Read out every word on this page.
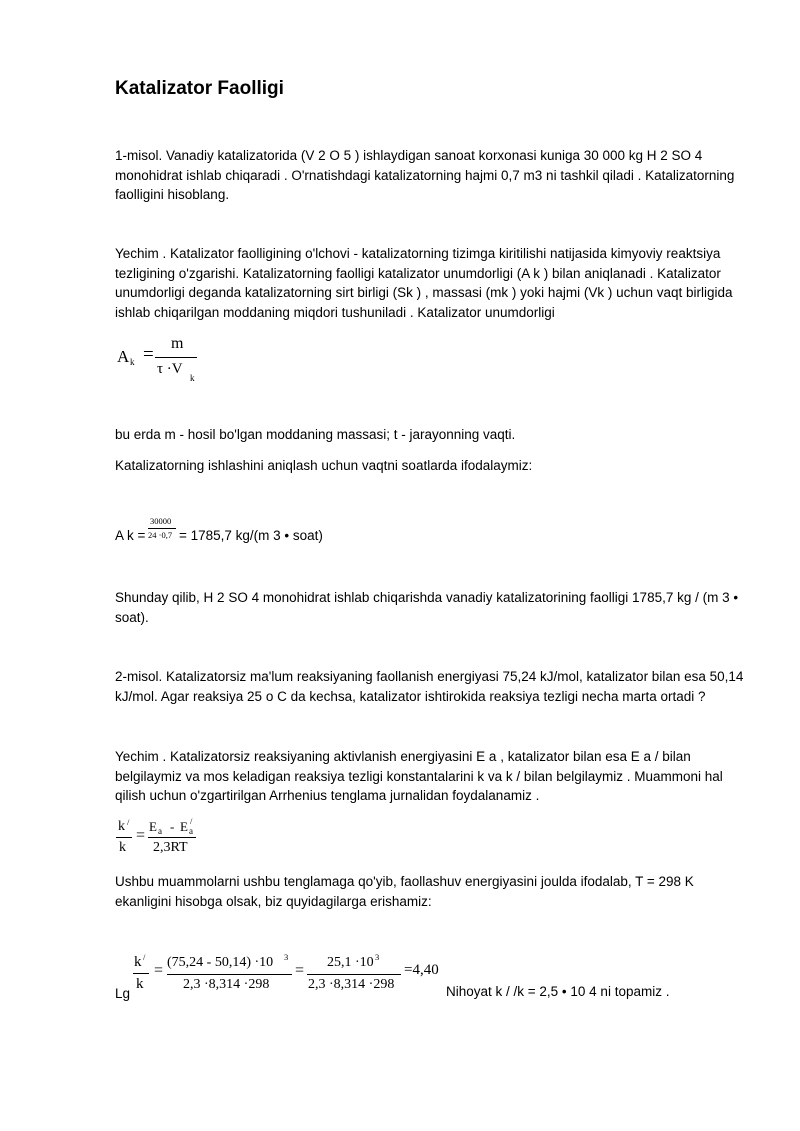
Katalizator Faolligi
1-misol. Vanadiy katalizatorida (V 2 O 5 ) ishlaydigan sanoat korxonasi kuniga 30 000 kg H 2 SO 4 monohidrat ishlab chiqaradi . O'rnatishdagi katalizatorning hajmi 0,7 m3 ni tashkil qiladi . Katalizatorning faolligini hisoblang.
Yechim . Katalizator faolligining o'lchovi - katalizatorning tizimga kiritilishi natijasida kimyoviy reaktsiya tezligining o'zgarishi. Katalizatorning faolligi katalizator unumdorligi (A k ) bilan aniqlanadi . Katalizator unumdorligi deganda katalizatorning sirt birligi (Sk ) , massasi (mk ) yoki hajmi (Vk ) uchun vaqt birligida ishlab chiqarilgan moddaning miqdori tushuniladi . Katalizator unumdorligi
A k =
m
τ ·V
k
bu erda m - hosil bo'lgan moddaning massasi; t - jarayonning vaqti.
Katalizatorning ishlashini aniqlash uchun vaqtni soatlarda ifodalaymiz:
A k =
30000
24 ·0,7 = 1785,7 kg/(m 3 • soat)
Shunday qilib, H 2 SO 4 monohidrat ishlab chiqarishda vanadiy katalizatorining faolligi 1785,7 kg / (m 3 • soat).
2-misol. Katalizatorsiz ma'lum reaksiyaning faollanish energiyasi 75,24 kJ/mol, katalizator bilan esa 50,14 kJ/mol. Agar reaksiya 25 o C da kechsa, katalizator ishtirokida reaksiya tezligi necha marta ortadi ?
Yechim . Katalizatorsiz reaksiyaning aktivlanish energiyasini E a , katalizator bilan esa E a / bilan belgilaymiz va mos keladigan reaksiya tezligi konstantalarini k va k / bilan belgilaymiz . Muammoni hal qilish uchun o'zgartirilgan Arrhenius tenglama jurnalidan foydalanamiz .
k /
k
=
E a - E a
/
2,3RT
Ushbu muammolarni ushbu tenglamaga qo'yib, faollashuv energiyasini joulda ifodalab, T = 298 K ekanligini hisobga olsak, biz quyidagilarga erishamiz:
Lg
k /
k
= (75,24 - 50,14) ·10 3
2,3 ·8,314 ·298
= 25,1 ·10 3
2,3 ·8,314 ·298
=4,40
Nihoyat k / /k = 2,5 • 10 4 ni topamiz .
